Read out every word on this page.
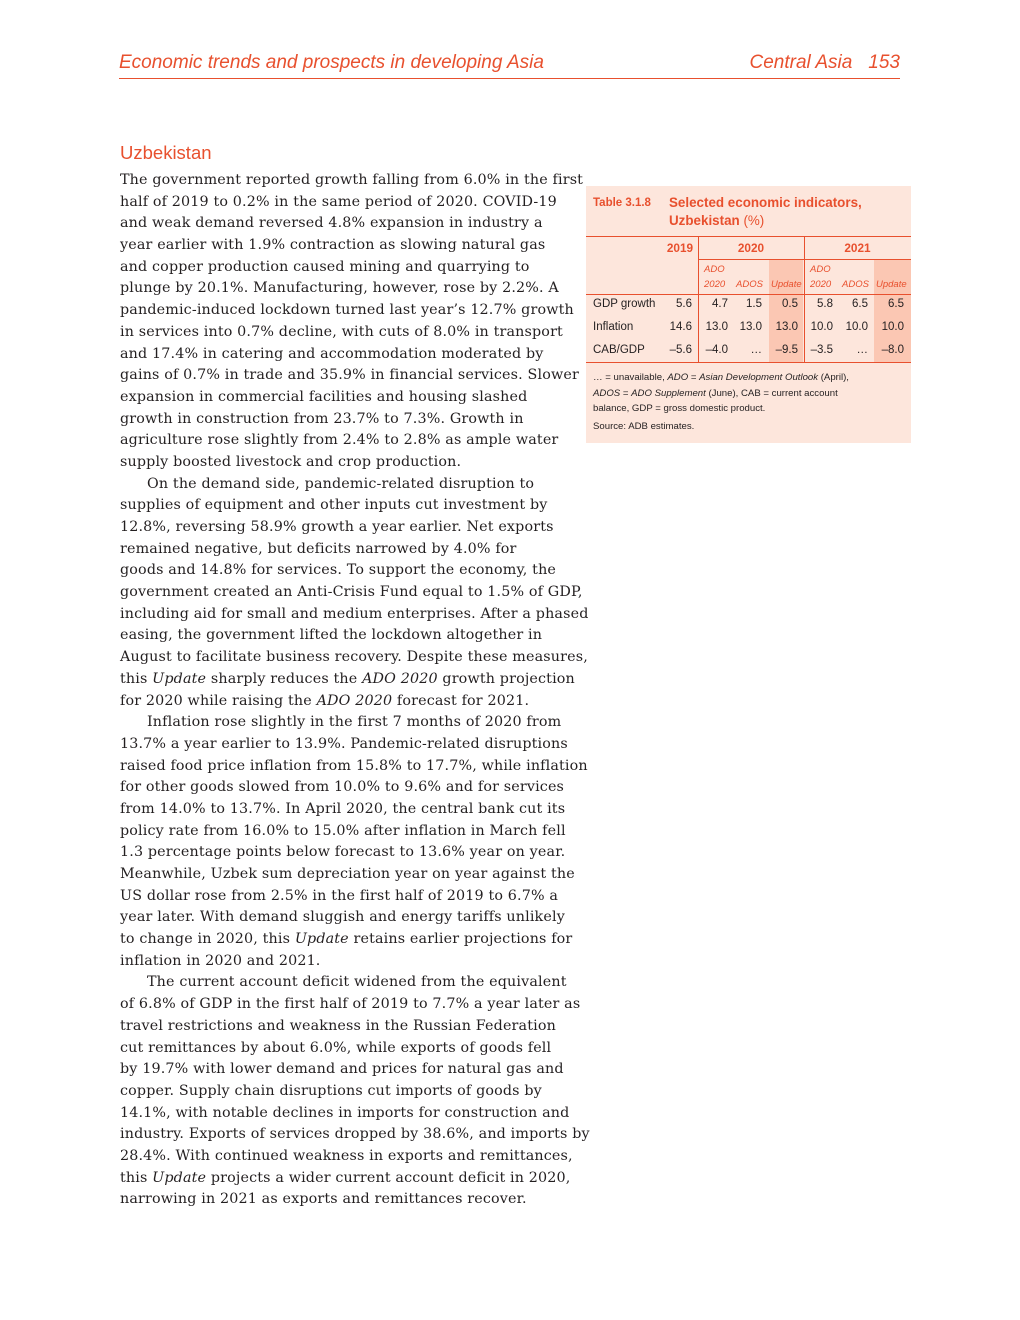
Economic trends and prospects in developing Asia	Central Asia 153
Uzbekistan
The government reported growth falling from 6.0% in the first
half of 2019 to 0.2% in the same period of 2020. COVID-19
and weak demand reversed 4.8% expansion in industry a
year earlier with 1.9% contraction as slowing natural gas
and copper production caused mining and quarrying to
plunge by 20.1%. Manufacturing, however, rose by 2.2%. A
pandemic-induced lockdown turned last year’s 12.7% growth
in services into 0.7% decline, with cuts of 8.0% in transport
and 17.4% in catering and accommodation moderated by
gains of 0.7% in trade and 35.9% in financial services. Slower
expansion in commercial facilities and housing slashed
growth in construction from 23.7% to 7.3%. Growth in
agriculture rose slightly from 2.4% to 2.8% as ample water
supply boosted livestock and crop production.
On the demand side, pandemic-related disruption to
supplies of equipment and other inputs cut investment by
12.8%, reversing 58.9% growth a year earlier. Net exports
remained negative, but deficits narrowed by 4.0% for
goods and 14.8% for services. To support the economy, the
government created an Anti-Crisis Fund equal to 1.5% of GDP,
including aid for small and medium enterprises. After a phased
easing, the government lifted the lockdown altogether in
August to facilitate business recovery. Despite these measures,
this Update sharply reduces the ADO 2020 growth projection
for 2020 while raising the ADO 2020 forecast for 2021.
Inflation rose slightly in the first 7 months of 2020 from
13.7% a year earlier to 13.9%. Pandemic-related disruptions
raised food price inflation from 15.8% to 17.7%, while inflation
for other goods slowed from 10.0% to 9.6% and for services
from 14.0% to 13.7%. In April 2020, the central bank cut its
policy rate from 16.0% to 15.0% after inflation in March fell
1.3 percentage points below forecast to 13.6% year on year.
Meanwhile, Uzbek sum depreciation year on year against the
US dollar rose from 2.5% in the first half of 2019 to 6.7% a
year later. With demand sluggish and energy tariffs unlikely
to change in 2020, this Update retains earlier projections for
inflation in 2020 and 2021.
The current account deficit widened from the equivalent
of 6.8% of GDP in the first half of 2019 to 7.7% a year later as
travel restrictions and weakness in the Russian Federation
cut remittances by about 6.0%, while exports of goods fell
by 19.7% with lower demand and prices for natural gas and
copper. Supply chain disruptions cut imports of goods by
14.1%, with notable declines in imports for construction and
industry. Exports of services dropped by 38.6%, and imports by
28.4%. With continued weakness in exports and remittances,
this Update projects a wider current account deficit in 2020,
narrowing in 2021 as exports and remittances recover.
Table 3.1.8 Selected economic indicators, Uzbekistan (%)
2019	2020	2021
ADO
2020 ADOS Update
ADO
2020 ADOS Update
GDP growth	5.6	4.7	1.5	0.5	5.8	6.5	6.5
Inflation	14.6	13.0	13.0	13.0	10.0	10.0	10.0
CAB/GDP	–5.6	–4.0	…	–9.5	–3.5	…	–8.0
… = unavailable, ADO = Asian Development Outlook (April),
ADOS = ADO Supplement (June), CAB = current account
balance, GDP = gross domestic product.
Source: ADB estimates.
